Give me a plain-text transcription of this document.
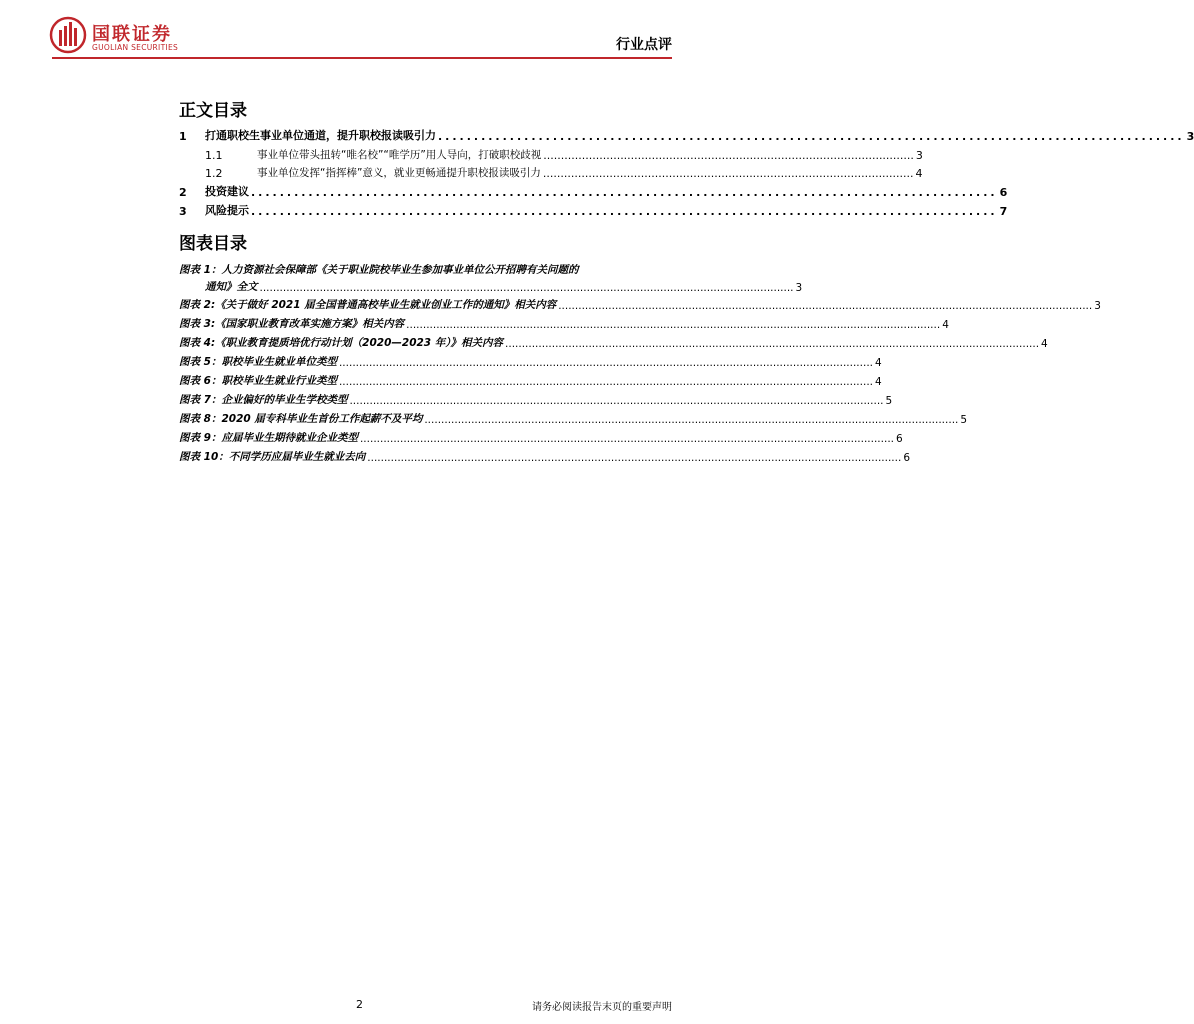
国联证券
GUOLIAN SECURITIES	行业点评
正文目录
1	打通职校生事业单位通道，提升职校报读吸引力 ........................................................................................................ 3
1.1	事业单位带头扭转“唯名校”“唯学历”用人导向，打破职校歧视 .......................................................................................................... 3
1.2	事业单位发挥“指挥棒”意义，就业更畅通提升职校报读吸引力 .......................................................................................................... 4
2	投资建议 ........................................................................................................ 6
3	风险提示 ........................................................................................................ 7
图表目录
图表 1：人力资源社会保障部《关于职业院校毕业生参加事业单位公开招聘有关问题的
通知》全文 ................................................................................................................................................................ 3
图表 2:《关于做好 2021 届全国普通高校毕业生就业创业工作的通知》相关内容 ................................................................................................................................................................ 3
图表 3:《国家职业教育改革实施方案》相关内容 ................................................................................................................................................................ 4
图表 4:《职业教育提质培优行动计划（2020—2023 年）》相关内容 ................................................................................................................................................................ 4
图表 5：职校毕业生就业单位类型 ................................................................................................................................................................ 4
图表 6：职校毕业生就业行业类型 ................................................................................................................................................................ 4
图表 7：企业偏好的毕业生学校类型 ................................................................................................................................................................ 5
图表 8：2020 届专科毕业生首份工作起薪不及平均 ................................................................................................................................................................ 5
图表 9：应届毕业生期待就业企业类型 ................................................................................................................................................................ 6
图表 10：不同学历应届毕业生就业去向 ................................................................................................................................................................ 6
2	请务必阅读报告末页的重要声明
